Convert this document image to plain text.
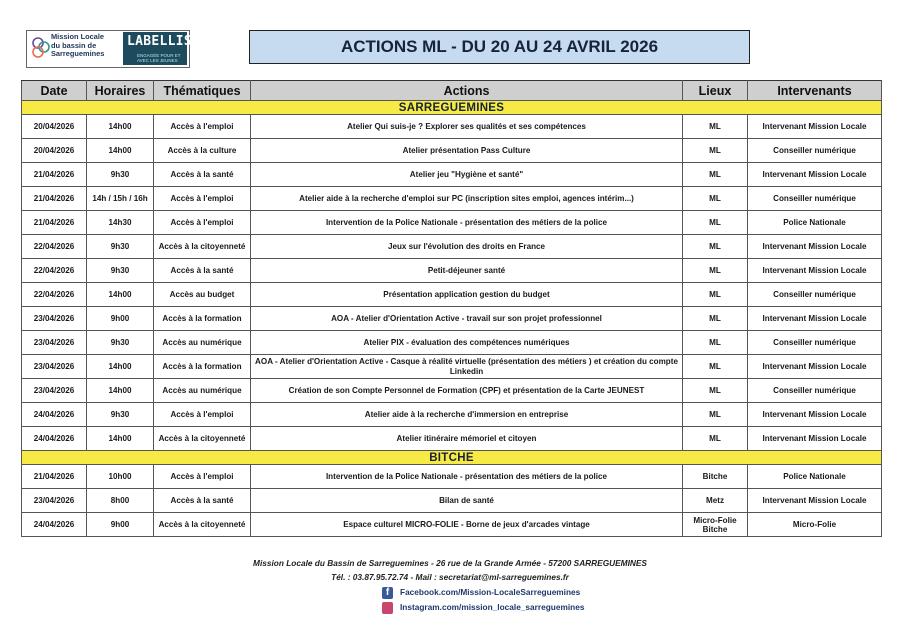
Mission Locale
du bassin de
Sarreguemines
LABELLISÉE!
ENGAGÉE POUR ET AVEC LES JEUNES
ACTIONS ML - DU 20 AU 24 AVRIL 2026
Date	Horaires	Thématiques	Actions	Lieux	Intervenants
SARREGUEMINES					
20/04/2026	14h00	Accès à l'emploi	Atelier Qui suis-je ? Explorer ses qualités et ses compétences	ML	Intervenant Mission Locale
20/04/2026	14h00	Accès à la culture	Atelier présentation Pass Culture	ML	Conseiller numérique
21/04/2026	9h30	Accès à la santé	Atelier jeu "Hygiène et santé"	ML	Intervenant Mission Locale
21/04/2026	14h / 15h / 16h	Accès à l'emploi	Atelier aide à la recherche d'emploi sur PC (inscription sites emploi, agences intérim...)	ML	Conseiller numérique
21/04/2026	14h30	Accès à l'emploi	Intervention de la Police Nationale - présentation des métiers de la police	ML	Police Nationale
22/04/2026	9h30	Accès à la citoyenneté	Jeux sur l'évolution des droits en France	ML	Intervenant Mission Locale
22/04/2026	9h30	Accès à la santé	Petit-déjeuner santé	ML	Intervenant Mission Locale
22/04/2026	14h00	Accès au budget	Présentation application gestion du budget	ML	Conseiller numérique
23/04/2026	9h00	Accès à la formation	AOA - Atelier d'Orientation Active - travail sur son projet professionnel	ML	Intervenant Mission Locale
23/04/2026	9h30	Accès au numérique	Atelier PIX - évaluation des compétences numériques	ML	Conseiller numérique
23/04/2026	14h00	Accès à la formation	AOA - Atelier d'Orientation Active - Casque à réalité virtuelle (présentation des métiers ) et création du compte Linkedin	ML	Intervenant Mission Locale
23/04/2026	14h00	Accès au numérique	Création de son Compte Personnel de Formation (CPF) et présentation de la Carte JEUNEST	ML	Conseiller numérique
24/04/2026	9h30	Accès à l'emploi	Atelier aide à la recherche d'immersion en entreprise	ML	Intervenant Mission Locale
24/04/2026	14h00	Accès à la citoyenneté	Atelier itinéraire mémoriel et citoyen	ML	Intervenant Mission Locale
BITCHE					
21/04/2026	10h00	Accès à l'emploi	Intervention de la Police Nationale - présentation des métiers de la police	Bitche	Police Nationale
23/04/2026	8h00	Accès à la santé	Bilan de santé	Metz	Intervenant Mission Locale
24/04/2026	9h00	Accès à la citoyenneté	Espace culturel MICRO-FOLIE - Borne de jeux d'arcades vintage	Micro-Folie Bitche	Micro-Folie
Mission Locale du Bassin de Sarreguemines - 26 rue de la Grande Armée - 57200 SARREGUEMINES
Tél. : 03.87.95.72.74 - Mail : secretariat@ml-sarreguemines.fr
f Facebook.com/Mission-LocaleSarreguemines
Instagram.com/mission_locale_sarreguemines
